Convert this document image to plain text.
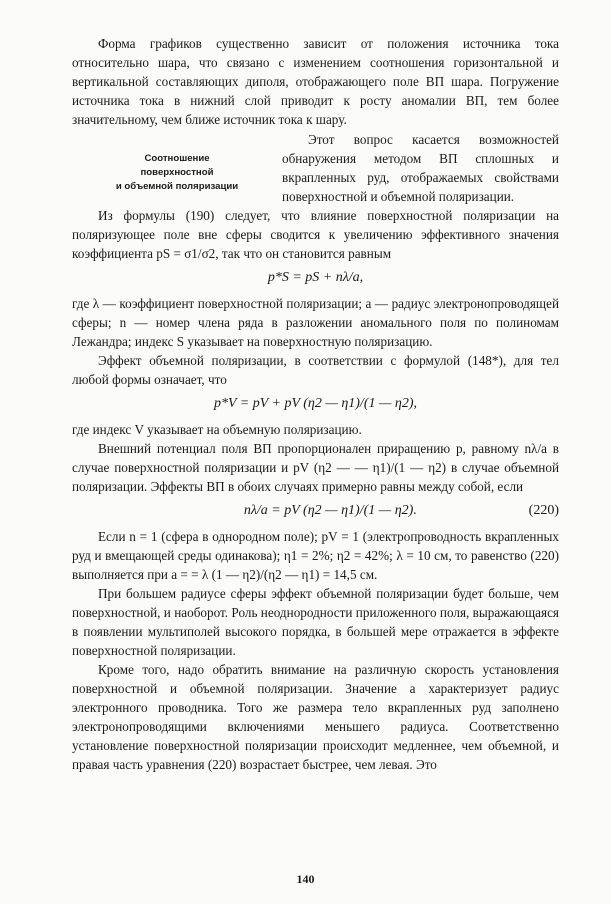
Форма графиков существенно зависит от положения источника тока относительно шара, что связано с изменением соотношения горизонтальной и вертикальной составляющих диполя, отображающего поле ВП шара. Погружение источника тока в нижний слой приводит к росту аномалии ВП, тем более значительному, чем ближе источник тока к шару.

Соотношение
поверхностной
и объемной поляризации

Этот вопрос касается возможностей обнаружения методом ВП сплошных и вкрапленных руд, отображаемых свойствами поверхностной и объемной поляризации.

Из формулы (190) следует, что влияние поверхностной поляризации на поляризующее поле вне сферы сводится к увеличению эффективного значения коэффициента pS = σ1/σ2, так что он становится равным

p*S = pS + nλ/a,

где λ — коэффициент поверхностной поляризации; a — радиус электронопроводящей сферы; n — номер члена ряда в разложении аномального поля по полиномам Лежандра; индекс S указывает на поверхностную поляризацию.

Эффект объемной поляризации, в соответствии с формулой (148*), для тел любой формы означает, что

p*V = pV + pV (η2 — η1)/(1 — η2),

где индекс V указывает на объемную поляризацию.

Внешний потенциал поля ВП пропорционален приращению p, равному nλ/a в случае поверхностной поляризации и pV (η2 — — η1)/(1 — η2) в случае объемной поляризации. Эффекты ВП в обоих случаях примерно равны между собой, если

nλ/a = pV (η2 — η1)/(1 — η2).	(220)

Если n = 1 (сфера в однородном поле); pV = 1 (электропроводность вкрапленных руд и вмещающей среды одинакова); η1 = 2%; η2 = 42%; λ = 10 см, то равенство (220) выполняется при a = = λ (1 — η2)/(η2 — η1) = 14,5 см.

При большем радиусе сферы эффект объемной поляризации будет больше, чем поверхностной, и наоборот. Роль неоднородности приложенного поля, выражающаяся в появлении мультиполей высокого порядка, в большей мере отражается в эффекте поверхностной поляризации.

Кроме того, надо обратить внимание на различную скорость установления поверхностной и объемной поляризации. Значение a характеризует радиус электронного проводника. Того же размера тело вкрапленных руд заполнено электронопроводящими включениями меньшего радиуса. Соответственно установление поверхностной поляризации происходит медленнее, чем объемной, и правая часть уравнения (220) возрастает быстрее, чем левая. Это

140
